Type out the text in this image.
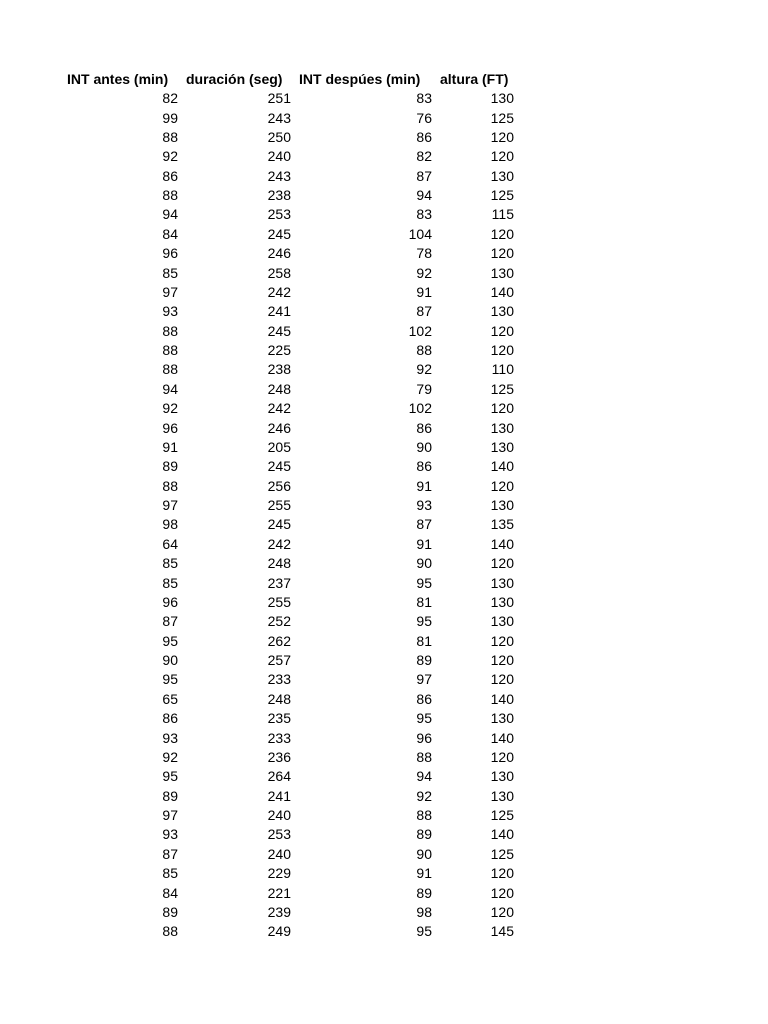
INT antes (min)	duración (seg)	INT despúes (min)	altura (FT)
82	251	83	130
99	243	76	125
88	250	86	120
92	240	82	120
86	243	87	130
88	238	94	125
94	253	83	115
84	245	104	120
96	246	78	120
85	258	92	130
97	242	91	140
93	241	87	130
88	245	102	120
88	225	88	120
88	238	92	110
94	248	79	125
92	242	102	120
96	246	86	130
91	205	90	130
89	245	86	140
88	256	91	120
97	255	93	130
98	245	87	135
64	242	91	140
85	248	90	120
85	237	95	130
96	255	81	130
87	252	95	130
95	262	81	120
90	257	89	120
95	233	97	120
65	248	86	140
86	235	95	130
93	233	96	140
92	236	88	120
95	264	94	130
89	241	92	130
97	240	88	125
93	253	89	140
87	240	90	125
85	229	91	120
84	221	89	120
89	239	98	120
88	249	95	145
